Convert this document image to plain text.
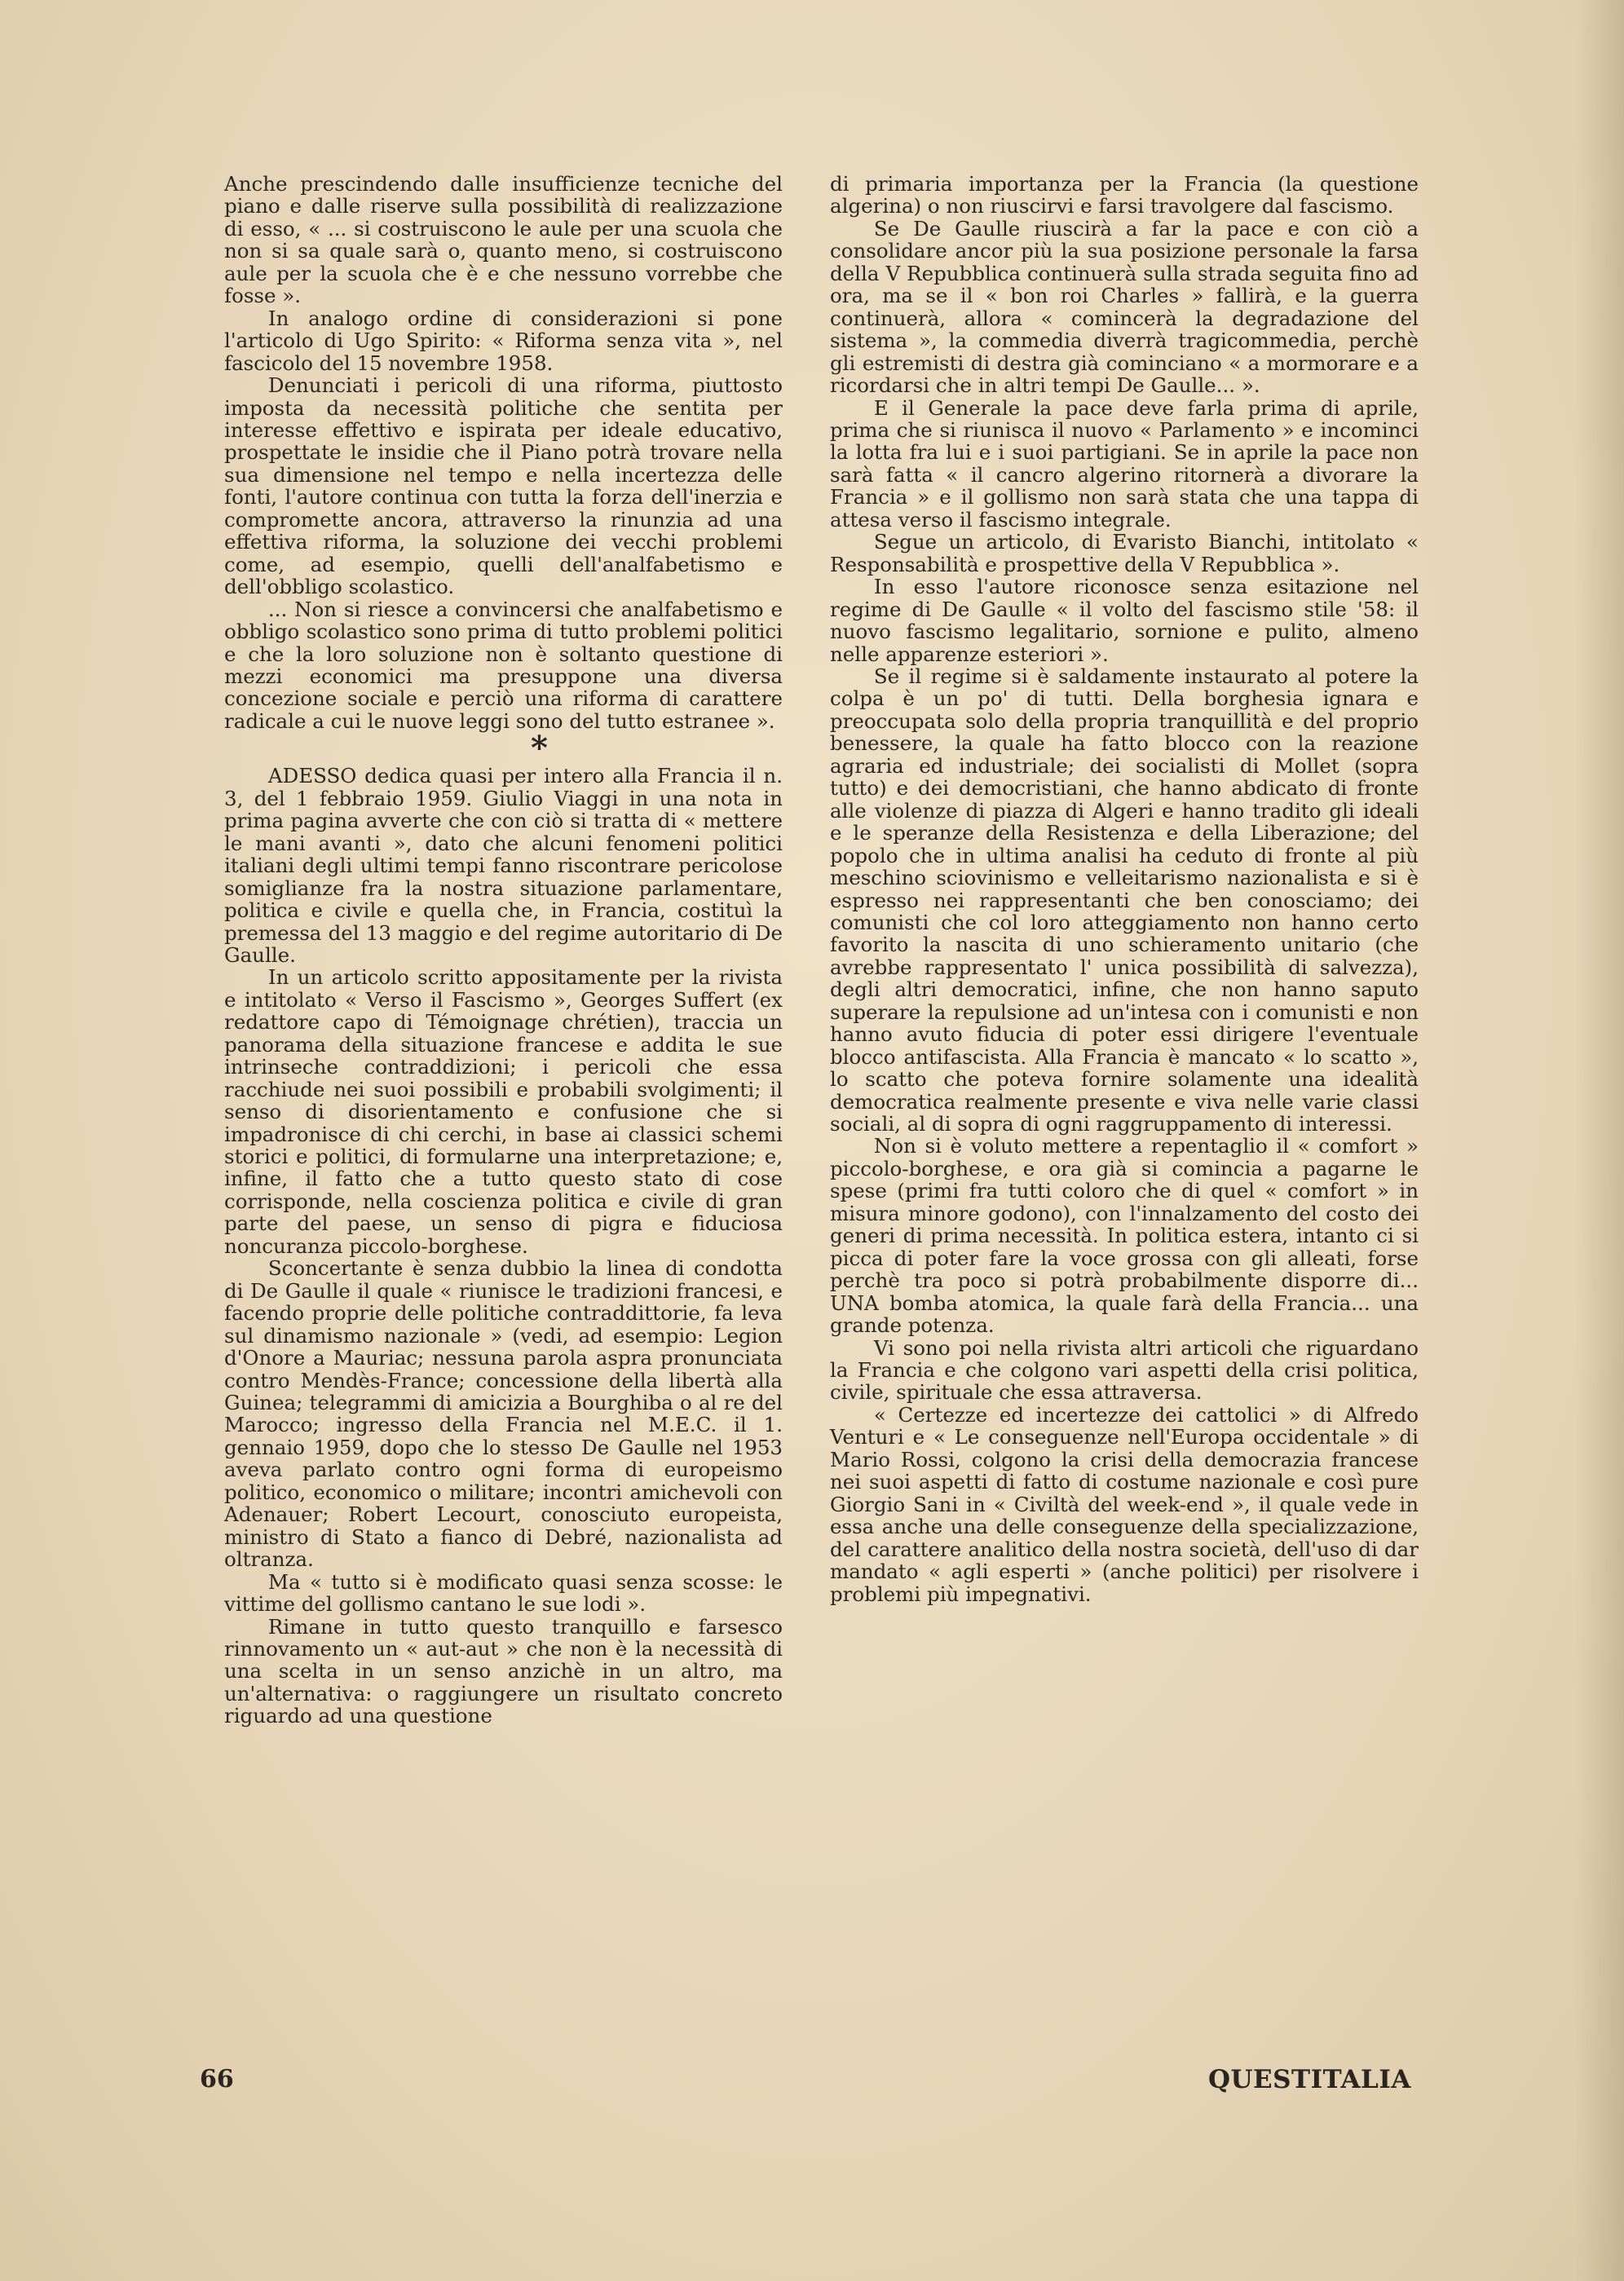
Anche prescindendo dalle insufficienze tecniche del piano e dalle riserve sulla possibilità di realizzazione di esso, « ... si costruiscono le aule per una scuola che non si sa quale sarà o, quanto meno, si costruiscono aule per la scuola che è e che nessuno vorrebbe che fosse ».

In analogo ordine di considerazioni si pone l'articolo di Ugo Spirito: « Riforma senza vita », nel fascicolo del 15 novembre 1958.

Denunciati i pericoli di una riforma, piuttosto imposta da necessità politiche che sentita per interesse effettivo e ispirata per ideale educativo, prospettate le insidie che il Piano potrà trovare nella sua dimensione nel tempo e nella incertezza delle fonti, l'autore continua con tutta la forza dell'inerzia e compromette ancora, attraverso la rinunzia ad una effettiva riforma, la soluzione dei vecchi problemi come, ad esempio, quelli dell'analfabetismo e dell'obbligo scolastico.

... Non si riesce a convincersi che analfabetismo e obbligo scolastico sono prima di tutto problemi politici e che la loro soluzione non è soltanto questione di mezzi economici ma presuppone una diversa concezione sociale e perciò una riforma di carattere radicale a cui le nuove leggi sono del tutto estranee ».

*

ADESSO dedica quasi per intero alla Francia il n. 3, del 1 febbraio 1959. Giulio Viaggi in una nota in prima pagina avverte che con ciò si tratta di « mettere le mani avanti », dato che alcuni fenomeni politici italiani degli ultimi tempi fanno riscontrare pericolose somiglianze fra la nostra situazione parlamentare, politica e civile e quella che, in Francia, costituì la premessa del 13 maggio e del regime autoritario di De Gaulle.

In un articolo scritto appositamente per la rivista e intitolato « Verso il Fascismo », Georges Suffert (ex redattore capo di Témoignage chrétien), traccia un panorama della situazione francese e addita le sue intrinseche contraddizioni; i pericoli che essa racchiude nei suoi possibili e probabili svolgimenti; il senso di disorientamento e confusione che si impadronisce di chi cerchi, in base ai classici schemi storici e politici, di formularne una interpretazione; e, infine, il fatto che a tutto questo stato di cose corrisponde, nella coscienza politica e civile di gran parte del paese, un senso di pigra e fiduciosa noncuranza piccolo-borghese.

Sconcertante è senza dubbio la linea di condotta di De Gaulle il quale « riunisce le tradizioni francesi, e facendo proprie delle politiche contraddittorie, fa leva sul dinamismo nazionale » (vedi, ad esempio: Legion d'Onore a Mauriac; nessuna parola aspra pronunciata contro Mendès-France; concessione della libertà alla Guinea; telegrammi di amicizia a Bourghiba o al re del Marocco; ingresso della Francia nel M.E.C. il 1. gennaio 1959, dopo che lo stesso De Gaulle nel 1953 aveva parlato contro ogni forma di europeismo politico, economico o militare; incontri amichevoli con Adenauer; Robert Lecourt, conosciuto europeista, ministro di Stato a fianco di Debré, nazionalista ad oltranza.

Ma « tutto si è modificato quasi senza scosse: le vittime del gollismo cantano le sue lodi ».

Rimane in tutto questo tranquillo e farsesco rinnovamento un « aut-aut » che non è la necessità di una scelta in un senso anzichè in un altro, ma un'alternativa: o raggiungere un risultato concreto riguardo ad una questione

di primaria importanza per la Francia (la questione algerina) o non riuscirvi e farsi travolgere dal fascismo.

Se De Gaulle riuscirà a far la pace e con ciò a consolidare ancor più la sua posizione personale la farsa della V Repubblica continuerà sulla strada seguita fino ad ora, ma se il « bon roi Charles » fallirà, e la guerra continuerà, allora « comincerà la degradazione del sistema », la commedia diverrà tragicommedia, perchè gli estremisti di destra già cominciano « a mormorare e a ricordarsi che in altri tempi De Gaulle... ».

E il Generale la pace deve farla prima di aprile, prima che si riunisca il nuovo « Parlamento » e incominci la lotta fra lui e i suoi partigiani. Se in aprile la pace non sarà fatta « il cancro algerino ritornerà a divorare la Francia » e il gollismo non sarà stata che una tappa di attesa verso il fascismo integrale.

Segue un articolo, di Evaristo Bianchi, intitolato « Responsabilità e prospettive della V Repubblica ».

In esso l'autore riconosce senza esitazione nel regime di De Gaulle « il volto del fascismo stile '58: il nuovo fascismo legalitario, sornione e pulito, almeno nelle apparenze esteriori ».

Se il regime si è saldamente instaurato al potere la colpa è un po' di tutti. Della borghesia ignara e preoccupata solo della propria tranquillità e del proprio benessere, la quale ha fatto blocco con la reazione agraria ed industriale; dei socialisti di Mollet (sopra tutto) e dei democristiani, che hanno abdicato di fronte alle violenze di piazza di Algeri e hanno tradito gli ideali e le speranze della Resistenza e della Liberazione; del popolo che in ultima analisi ha ceduto di fronte al più meschino sciovinismo e velleitarismo nazionalista e si è espresso nei rappresentanti che ben conosciamo; dei comunisti che col loro atteggiamento non hanno certo favorito la nascita di uno schieramento unitario (che avrebbe rappresentato l' unica possibilità di salvezza), degli altri democratici, infine, che non hanno saputo superare la repulsione ad un'intesa con i comunisti e non hanno avuto fiducia di poter essi dirigere l'eventuale blocco antifascista. Alla Francia è mancato « lo scatto », lo scatto che poteva fornire solamente una idealità democratica realmente presente e viva nelle varie classi sociali, al di sopra di ogni raggruppamento di interessi.

Non si è voluto mettere a repentaglio il « comfort » piccolo-borghese, e ora già si comincia a pagarne le spese (primi fra tutti coloro che di quel « comfort » in misura minore godono), con l'innalzamento del costo dei generi di prima necessità. In politica estera, intanto ci si picca di poter fare la voce grossa con gli alleati, forse perchè tra poco si potrà probabilmente disporre di... UNA bomba atomica, la quale farà della Francia... una grande potenza.

Vi sono poi nella rivista altri articoli che riguardano la Francia e che colgono vari aspetti della crisi politica, civile, spirituale che essa attraversa.

« Certezze ed incertezze dei cattolici » di Alfredo Venturi e « Le conseguenze nell'Europa occidentale » di Mario Rossi, colgono la crisi della democrazia francese nei suoi aspetti di fatto di costume nazionale e così pure Giorgio Sani in « Civiltà del week-end », il quale vede in essa anche una delle conseguenze della specializzazione, del carattere analitico della nostra società, dell'uso di dar mandato « agli esperti » (anche politici) per risolvere i problemi più impegnativi.

66	QUESTITALIA
